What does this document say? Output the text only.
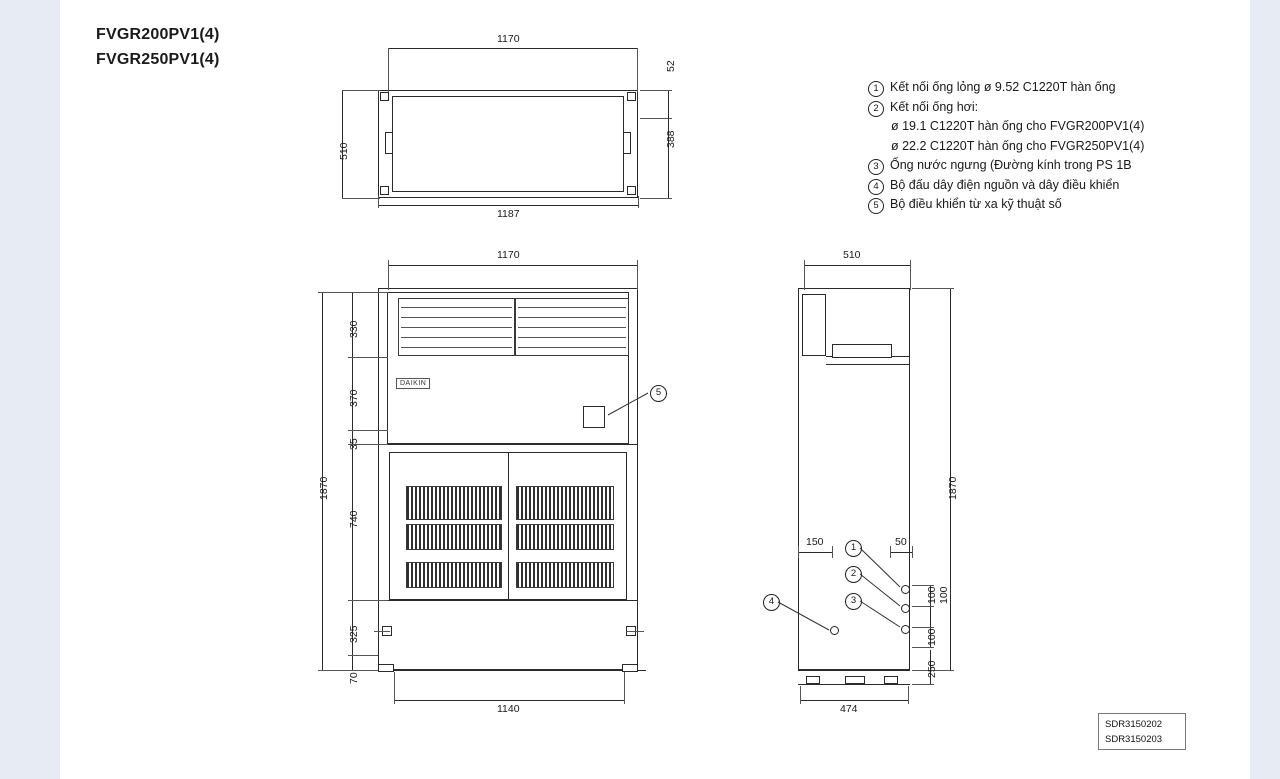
FVGR200PV1(4)
FVGR250PV1(4)
1 Kết nối ống lỏng ø 9.52 C1220T hàn ống
2 Kết nối ống hơi:
ø 19.1 C1220T hàn ống cho FVGR200PV1(4)
ø 22.2 C1220T hàn ống cho FVGR250PV1(4)
3 Ống nước ngưng (Đường kính trong PS 1B
4 Bộ đấu dây điện nguồn và dây điều khiển
5 Bộ điều khiển từ xa kỹ thuật số
1170
1187
510
52
388
DAIKIN
1170
1140
330
370
35
740
325
70
1870
5
510
1870
474
150	50
1
2
3
4	100 100
100
250
SDR3150202
SDR3150203
